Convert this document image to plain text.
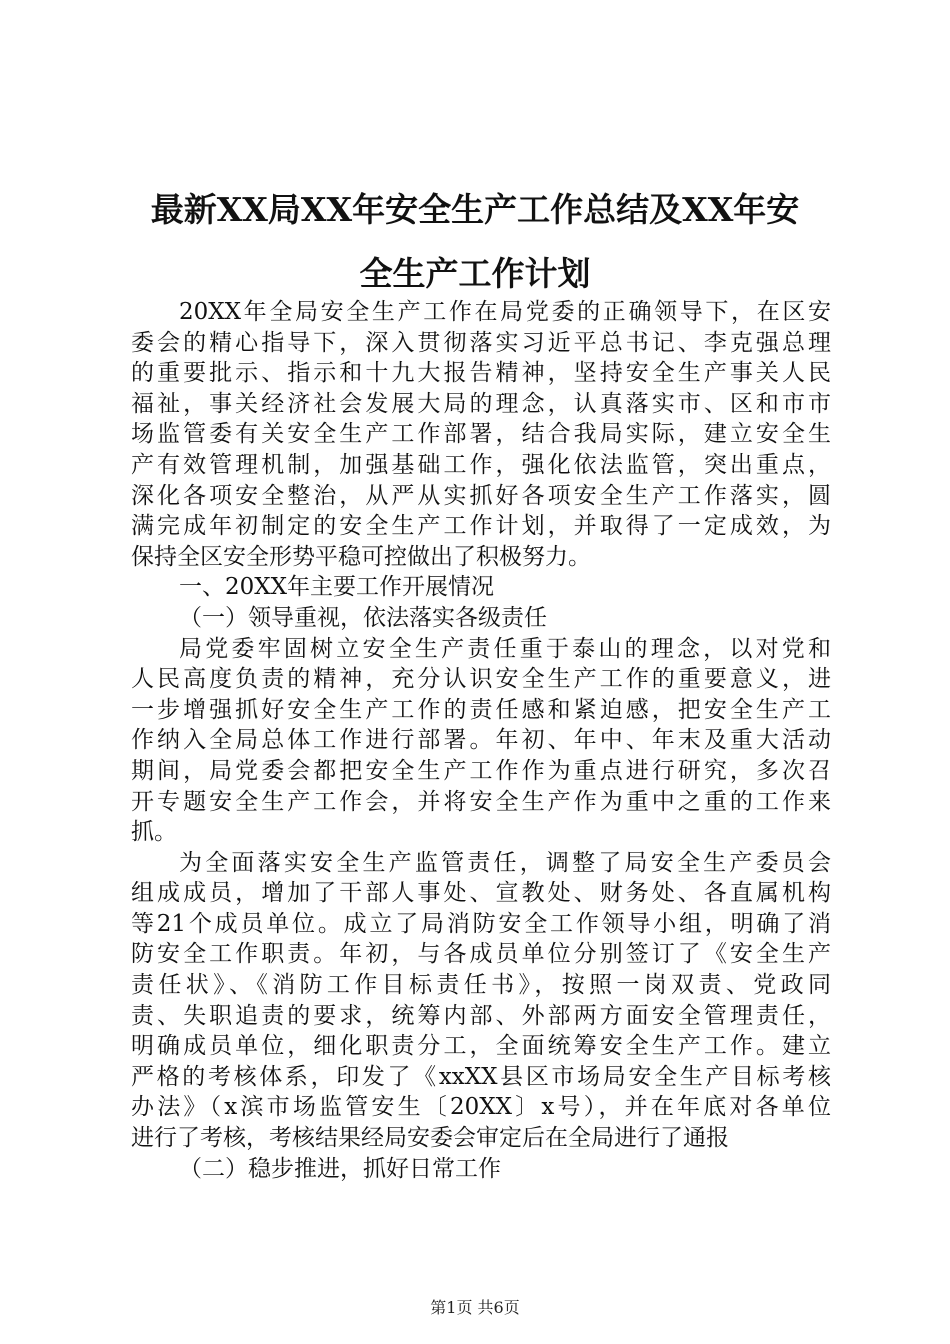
最新XX局XX年安全生产工作总结及XX年安
全生产工作计划
20XX年全局安全生产工作在局党委的正确领导下，在区安
委会的精心指导下，深入贯彻落实习近平总书记、李克强总理
的重要批示、指示和十九大报告精神，坚持安全生产事关人民
福祉，事关经济社会发展大局的理念，认真落实市、区和市市
场监管委有关安全生产工作部署，结合我局实际，建立安全生
产有效管理机制，加强基础工作，强化依法监管，突出重点，
深化各项安全整治，从严从实抓好各项安全生产工作落实，圆
满完成年初制定的安全生产工作计划，并取得了一定成效，为
保持全区安全形势平稳可控做出了积极努力。
一、20XX年主要工作开展情况
（一）领导重视，依法落实各级责任
局党委牢固树立安全生产责任重于泰山的理念，以对党和
人民高度负责的精神，充分认识安全生产工作的重要意义，进
一步增强抓好安全生产工作的责任感和紧迫感，把安全生产工
作纳入全局总体工作进行部署。年初、年中、年末及重大活动
期间，局党委会都把安全生产工作作为重点进行研究，多次召
开专题安全生产工作会，并将安全生产作为重中之重的工作来
抓。
为全面落实安全生产监管责任，调整了局安全生产委员会
组成成员，增加了干部人事处、宣教处、财务处、各直属机构
等21个成员单位。成立了局消防安全工作领导小组，明确了消
防安全工作职责。年初，与各成员单位分别签订了《安全生产
责任状》、《消防工作目标责任书》，按照一岗双责、党政同
责、失职追责的要求，统筹内部、外部两方面安全管理责任，
明确成员单位，细化职责分工，全面统筹安全生产工作。建立
严格的考核体系，印发了《xxXX县区市场局安全生产目标考核
办法》（x滨市场监管安生〔20XX〕x号），并在年底对各单位
进行了考核，考核结果经局安委会审定后在全局进行了通报
（二）稳步推进，抓好日常工作
第1页 共6页
